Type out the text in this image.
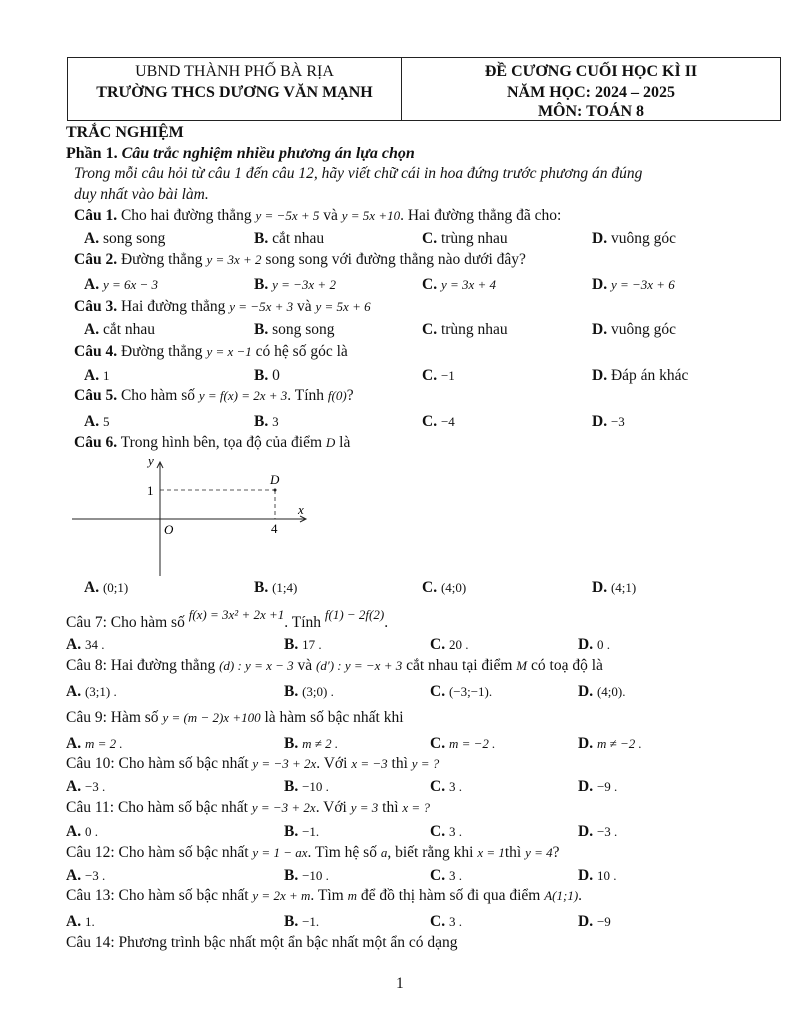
UBND THÀNH PHỐ BÀ RỊA
TRƯỜNG THCS DƯƠNG VĂN MẠNH
ĐỀ CƯƠNG CUỐI HỌC KÌ II
NĂM HỌC: 2024 – 2025
MÔN: TOÁN 8
TRẮC NGHIỆM
Phần 1. Câu trắc nghiệm nhiều phương án lựa chọn
Trong mỗi câu hỏi từ câu 1 đến câu 12, hãy viết chữ cái in hoa đứng trước phương án đúng
duy nhất vào bài làm.
Câu 1. Cho hai đường thẳng y = −5x + 5 và y = 5x +10. Hai đường thẳng đã cho:
A. song song	B. cắt nhau	C. trùng nhau	D. vuông góc
Câu 2. Đường thẳng y = 3x + 2 song song với đường thẳng nào dưới đây?
A. y = 6x − 3	B. y = −3x + 2	C. y = 3x + 4	D. y = −3x + 6
Câu 3. Hai đường thẳng y = −5x + 3 và y = 5x + 6
A. cắt nhau	B. song song	C. trùng nhau	D. vuông góc
Câu 4. Đường thẳng y = x −1 có hệ số góc là
A. 1	B. 0	C. −1	D. Đáp án khác
Câu 5. Cho hàm số y = f(x) = 2x + 3. Tính f(0)?
A. 5	B. 3	C. −4	D. −3
Câu 6. Trong hình bên, tọa độ của điểm D là
y
x
O
D
1
4
A. (0;1)	B. (1;4)	C. (4;0)	D. (4;1)
Câu 7: Cho hàm số $^{f(x) = 3x^2 + 2x +1}$. Tính $^{f(1) - 2f(2)}$.
A. 34 .	B. 17 .	C. 20 .	D. 0 .
Câu 8: Hai đường thẳng (d) : y = x − 3 và (d′) : y = −x + 3 cắt nhau tại điểm M có toạ độ là
A. (3;1) .	B. (3;0) .	C. (−3;−1).	D. (4;0).
Câu 9: Hàm số y = (m − 2)x +100 là hàm số bậc nhất khi
A. m = 2 .	B. m ≠ 2 .	C. m = −2 .	D. m ≠ −2 .
Câu 10: Cho hàm số bậc nhất y = −3 + 2x. Với x = −3 thì y = ?
A. −3 .	B. −10 .	C. 3 .	D. −9 .
Câu 11: Cho hàm số bậc nhất y = −3 + 2x. Với y = 3 thì x = ?
A. 0 .	B. −1.	C. 3 .	D. −3 .
Câu 12: Cho hàm số bậc nhất y = 1 − ax. Tìm hệ số a, biết rằng khi x = 1thì y = 4?
A. −3 .	B. −10 .	C. 3 .	D. 10 .
Câu 13: Cho hàm số bậc nhất y = 2x + m. Tìm m để đồ thị hàm số đi qua điểm A(1;1).
A. 1.	B. −1.	C. 3 .	D. −9
Câu 14: Phương trình bậc nhất một ẩn bậc nhất một ẩn có dạng
1
